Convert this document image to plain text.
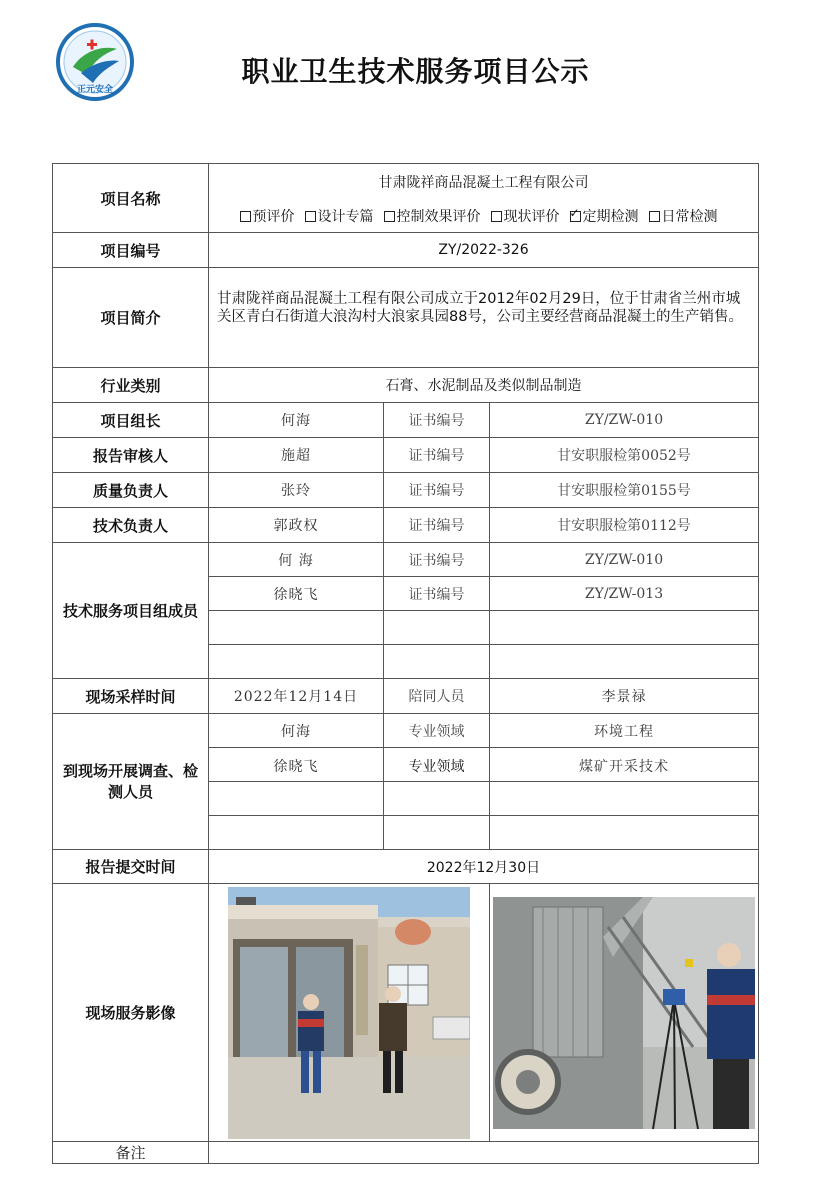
正元安全
职业卫生技术服务项目公示
项目名称	甘肃陇祥商品混凝土工程有限公司
预评价 设计专篇 控制效果评价 现状评价 ✓ 定期检测 日常检测

项目编号	ZY/2022-326		
项目简介	甘肃陇祥商品混凝土工程有限公司成立于2012年02月29日，位于甘肃省兰州市城关区青白石街道大浪沟村大浪家具园88号，公司主要经营商品混凝土的生产销售。		
行业类别	石膏、水泥制品及类似制品制造		
项目组长	何海	证书编号	ZY/ZW-010
报告审核人	施超	证书编号	甘安职服检第0052号
质量负责人	张玲	证书编号	甘安职服检第0155号
技术负责人	郭政权	证书编号	甘安职服检第0112号
技术服务项目组成员	何 海	证书编号	ZY/ZW-010
	徐晓飞	证书编号	ZY/ZW-013

现场采样时间	2022年12月14日	陪同人员	李景禄
到现场开展调查、检测人员	何海	专业领域	环境工程
	徐晓飞	专业领域	煤矿开采技术

报告提交时间	2022年12月30日		
现场服务影像	

备注			
